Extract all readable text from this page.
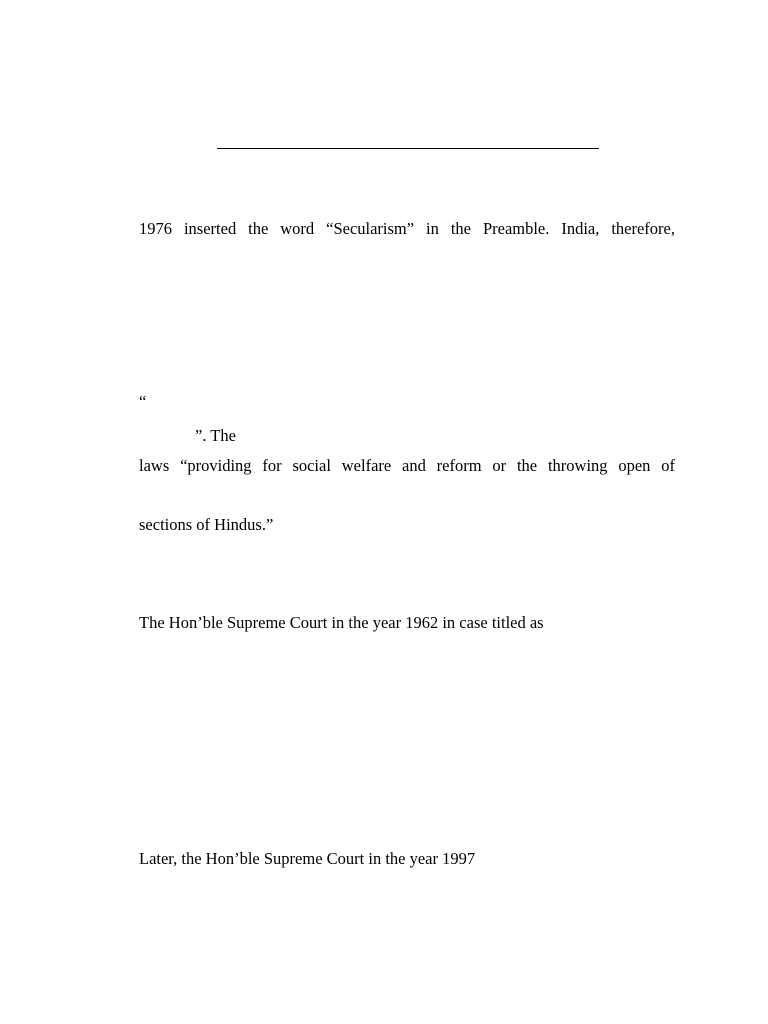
1976 inserted the word “Secularism” in the Preamble. India, therefore,
“
”. The
laws “providing for social welfare and reform or the throwing open of
sections of Hindus.”
The Hon’ble Supreme Court in the year 1962 in case titled as
Later, the Hon’ble Supreme Court in the year 1997
